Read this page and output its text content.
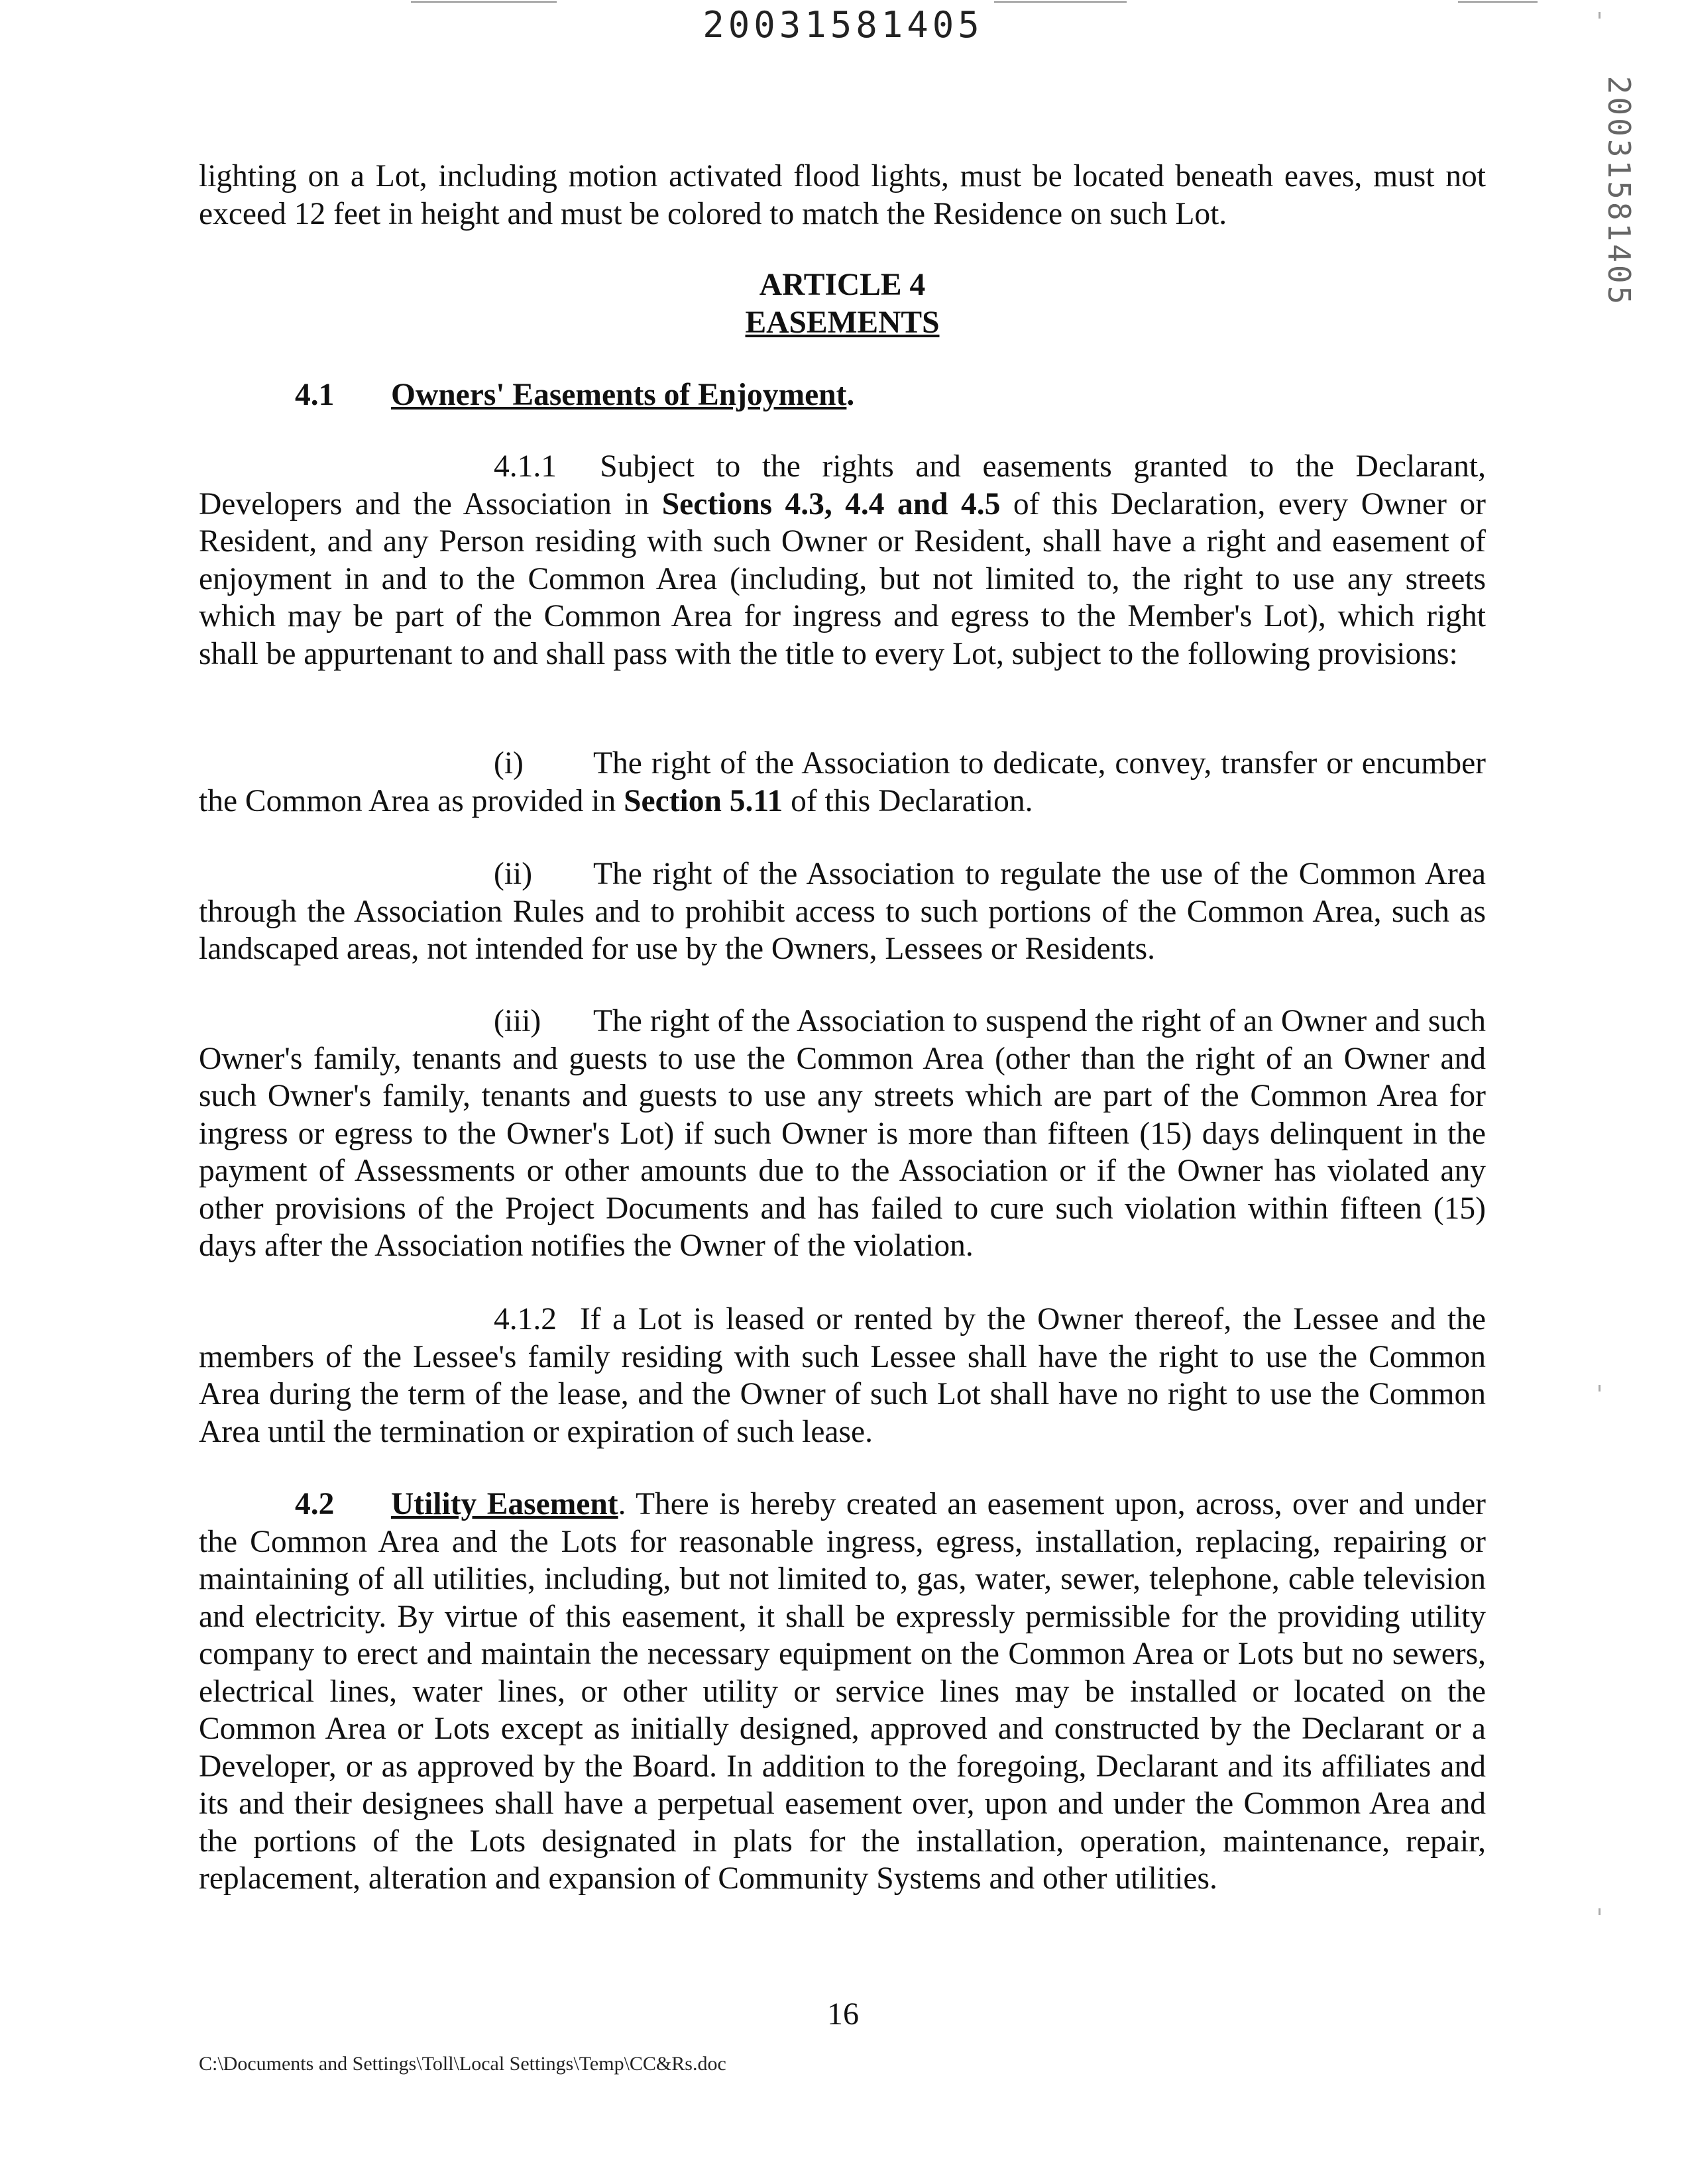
20031581405
20031581405

lighting on a Lot, including motion activated flood lights, must be located beneath eaves, must not exceed 12 feet in height and must be colored to match the Residence on such Lot.

ARTICLE 4
EASEMENTS
4.1 Owners' Easements of Enjoyment.

4.1.1 Subject to the rights and easements granted to the Declarant, Developers and the Association in Sections 4.3, 4.4 and 4.5 of this Declaration, every Owner or Resident, and any Person residing with such Owner or Resident, shall have a right and easement of enjoyment in and to the Common Area (including, but not limited to, the right to use any streets which may be part of the Common Area for ingress and egress to the Member's Lot), which right shall be appurtenant to and shall pass with the title to every Lot, subject to the following provisions:

(i) The right of the Association to dedicate, convey, transfer or encumber the Common Area as provided in Section 5.11 of this Declaration.

(ii) The right of the Association to regulate the use of the Common Area through the Association Rules and to prohibit access to such portions of the Common Area, such as landscaped areas, not intended for use by the Owners, Lessees or Residents.

(iii) The right of the Association to suspend the right of an Owner and such Owner's family, tenants and guests to use the Common Area (other than the right of an Owner and such Owner's family, tenants and guests to use any streets which are part of the Common Area for ingress or egress to the Owner's Lot) if such Owner is more than fifteen (15) days delinquent in the payment of Assessments or other amounts due to the Association or if the Owner has violated any other provisions of the Project Documents and has failed to cure such violation within fifteen (15) days after the Association notifies the Owner of the violation.

4.1.2 If a Lot is leased or rented by the Owner thereof, the Lessee and the members of the Lessee's family residing with such Lessee shall have the right to use the Common Area during the term of the lease, and the Owner of such Lot shall have no right to use the Common Area until the termination or expiration of such lease.

4.2 Utility Easement. There is hereby created an easement upon, across, over and under the Common Area and the Lots for reasonable ingress, egress, installation, replacing, repairing or maintaining of all utilities, including, but not limited to, gas, water, sewer, telephone, cable television and electricity. By virtue of this easement, it shall be expressly permissible for the providing utility company to erect and maintain the necessary equipment on the Common Area or Lots but no sewers, electrical lines, water lines, or other utility or service lines may be installed or located on the Common Area or Lots except as initially designed, approved and constructed by the Declarant or a Developer, or as approved by the Board. In addition to the foregoing, Declarant and its affiliates and its and their designees shall have a perpetual easement over, upon and under the Common Area and the portions of the Lots designated in plats for the installation, operation, maintenance, repair, replacement, alteration and expansion of Community Systems and other utilities.

16
C:\Documents and Settings\Toll\Local Settings\Temp\CC&Rs.doc
